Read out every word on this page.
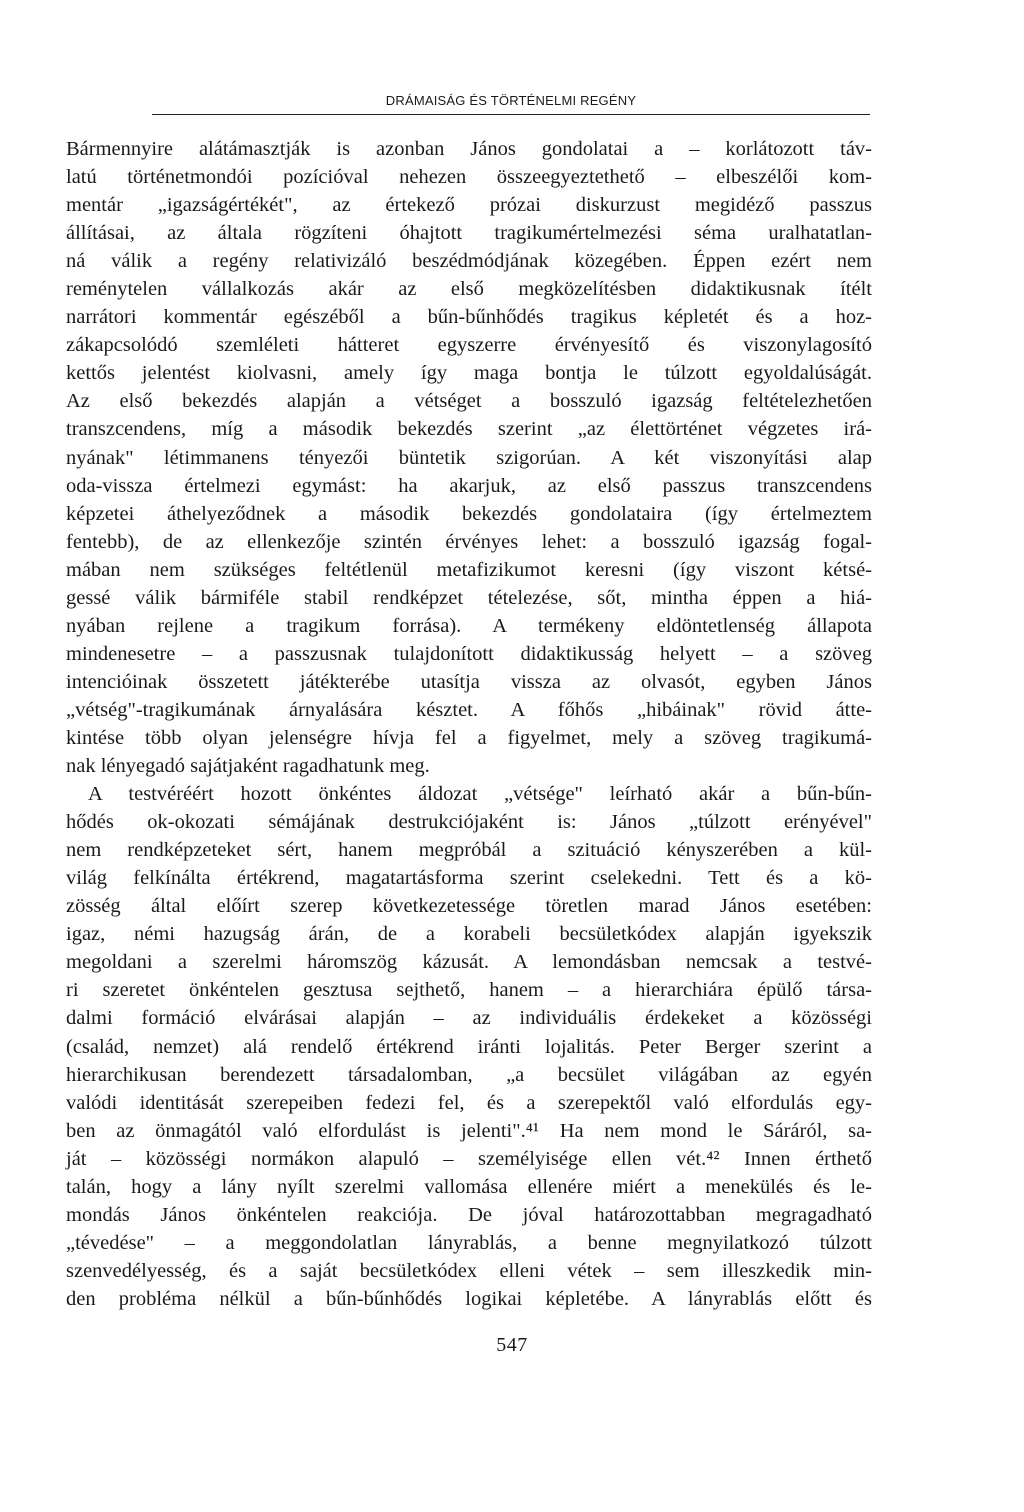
DRÁMAISÁG ÉS TÖRTÉNELMI REGÉNY
Bármennyire alátámasztják is azonban János gondolatai a – korlátozott táv-
latú történetmondói pozícióval nehezen összeegyeztethető – elbeszélői kom-
mentár „igazságértékét", az értekező prózai diskurzust megidéző passzus
állításai, az általa rögzíteni óhajtott tragikumértelmezési séma uralhatatlan-
ná válik a regény relativizáló beszédmódjának közegében. Éppen ezért nem
reménytelen vállalkozás akár az első megközelítésben didaktikusnak ítélt
narrátori kommentár egészéből a bűn-bűnhődés tragikus képletét és a hoz-
zákapcsolódó szemléleti hátteret egyszerre érvényesítő és viszonylagosító
kettős jelentést kiolvasni, amely így maga bontja le túlzott egyoldalúságát.
Az első bekezdés alapján a vétséget a bosszuló igazság feltételezhetően
transzcendens, míg a második bekezdés szerint „az élettörténet végzetes irá-
nyának" létimmanens tényezői büntetik szigorúan. A két viszonyítási alap
oda-vissza értelmezi egymást: ha akarjuk, az első passzus transzcendens
képzetei áthelyeződnek a második bekezdés gondolataira (így értelmeztem
fentebb), de az ellenkezője szintén érvényes lehet: a bosszuló igazság fogal-
mában nem szükséges feltétlenül metafizikumot keresni (így viszont kétsé-
gessé válik bármiféle stabil rendképzet tételezése, sőt, mintha éppen a hiá-
nyában rejlene a tragikum forrása). A termékeny eldöntetlenség állapota
mindenesetre – a passzusnak tulajdonított didaktikusság helyett – a szöveg
intencióinak összetett játékterébe utasítja vissza az olvasót, egyben János
„vétség"-tragikumának árnyalására késztet. A főhős „hibáinak" rövid átte-
kintése több olyan jelenségre hívja fel a figyelmet, mely a szöveg tragikumá-
nak lényegadó sajátjaként ragadhatunk meg.
A testvéréért hozott önkéntes áldozat „vétsége" leírható akár a bűn-bűn-
hődés ok-okozati sémájának destrukciójaként is: János „túlzott erényével"
nem rendképzeteket sért, hanem megpróbál a szituáció kényszerében a kül-
világ felkínálta értékrend, magatartásforma szerint cselekedni. Tett és a kö-
zösség által előírt szerep következetessége töretlen marad János esetében:
igaz, némi hazugság árán, de a korabeli becsületkódex alapján igyekszik
megoldani a szerelmi háromszög kázusát. A lemondásban nemcsak a testvé-
ri szeretet önkéntelen gesztusa sejthető, hanem – a hierarchiára épülő társa-
dalmi formáció elvárásai alapján – az individuális érdekeket a közösségi
(család, nemzet) alá rendelő értékrend iránti lojalitás. Peter Berger szerint a
hierarchikusan berendezett társadalomban, „a becsület világában az egyén
valódi identitását szerepeiben fedezi fel, és a szerepektől való elfordulás egy-
ben az önmagától való elfordulást is jelenti".⁴¹ Ha nem mond le Sáráról, sa-
ját – közösségi normákon alapuló – személyisége ellen vét.⁴² Innen érthető
talán, hogy a lány nyílt szerelmi vallomása ellenére miért a menekülés és le-
mondás János önkéntelen reakciója. De jóval határozottabban megragadható
„tévedése" – a meggondolatlan lányrablás, a benne megnyilatkozó túlzott
szenvedélyesség, és a saját becsületkódex elleni vétek – sem illeszkedik min-
den probléma nélkül a bűn-bűnhődés logikai képletébe. A lányrablás előtt és
547
